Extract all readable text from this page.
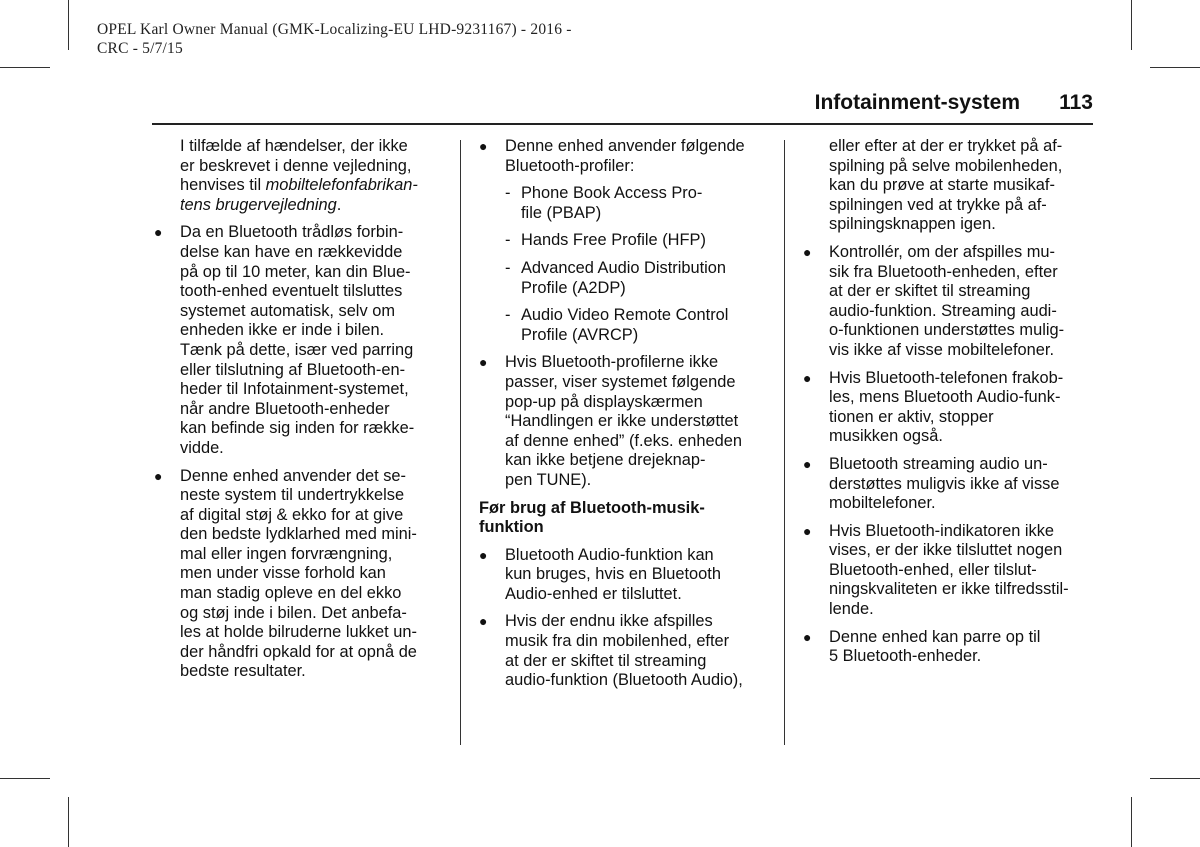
OPEL Karl Owner Manual (GMK-Localizing-EU LHD-9231167) - 2016 -
CRC - 5/7/15
Infotainment-system	113
I tilfælde af hændelser, der ikke
er beskrevet i denne vejledning,
henvises til mobiltelefonfabrikan-
tens brugervejledning.
●	Da en Bluetooth trådløs forbin-
delse kan have en rækkevidde
på op til 10 meter, kan din Blue-
tooth-enhed eventuelt tilsluttes
systemet automatisk, selv om
enheden ikke er inde i bilen.
Tænk på dette, især ved parring
eller tilslutning af Bluetooth-en-
heder til Infotainment-systemet,
når andre Bluetooth-enheder
kan befinde sig inden for række-
vidde.
●	Denne enhed anvender det se-
neste system til undertrykkelse
af digital støj & ekko for at give
den bedste lydklarhed med mini-
mal eller ingen forvrængning,
men under visse forhold kan
man stadig opleve en del ekko
og støj inde i bilen. Det anbefa-
les at holde bilruderne lukket un-
der håndfri opkald for at opnå de
bedste resultater.
●	Denne enhed anvender følgende
Bluetooth-profiler:
- Phone Book Access Pro-
file (PBAP)
- Hands Free Profile (HFP)
- Advanced Audio Distribution
Profile (A2DP)
- Audio Video Remote Control
Profile (AVRCP)
●	Hvis Bluetooth-profilerne ikke
passer, viser systemet følgende
pop-up på displayskærmen
“Handlingen er ikke understøttet
af denne enhed” (f.eks. enheden
kan ikke betjene drejeknap-
pen TUNE).
Før brug af Bluetooth-musik-
funktion
●	Bluetooth Audio-funktion kan
kun bruges, hvis en Bluetooth
Audio-enhed er tilsluttet.
●	Hvis der endnu ikke afspilles
musik fra din mobilenhed, efter
at der er skiftet til streaming
audio-funktion (Bluetooth Audio),
eller efter at der er trykket på af-
spilning på selve mobilenheden,
kan du prøve at starte musikaf-
spilningen ved at trykke på af-
spilningsknappen igen.
●	Kontrollér, om der afspilles mu-
sik fra Bluetooth-enheden, efter
at der er skiftet til streaming
audio-funktion. Streaming audi-
o-funktionen understøttes mulig-
vis ikke af visse mobiltelefoner.
●	Hvis Bluetooth-telefonen frakob-
les, mens Bluetooth Audio-funk-
tionen er aktiv, stopper
musikken også.
●	Bluetooth streaming audio un-
derstøttes muligvis ikke af visse
mobiltelefoner.
●	Hvis Bluetooth-indikatoren ikke
vises, er der ikke tilsluttet nogen
Bluetooth-enhed, eller tilslut-
ningskvaliteten er ikke tilfredsstil-
lende.
●	Denne enhed kan parre op til
5 Bluetooth-enheder.
